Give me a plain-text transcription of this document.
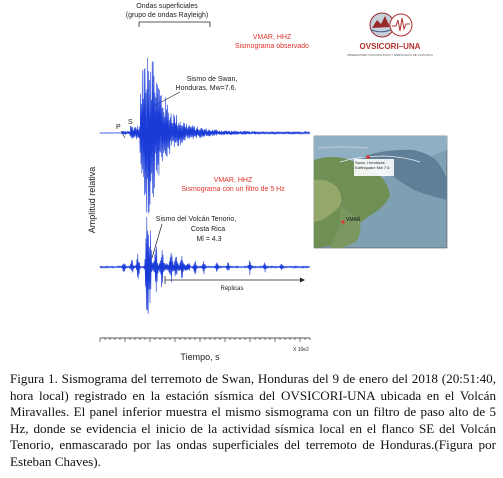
Amplitud relativa
Ondas superficiales
(grupo de ondas Rayleigh)
VMAR, HHZ
Sismograma observado
Sismo de Swan,
Honduras, Mw=7.6.
P
S
VMAR, HHZ
Sismograma con un filtro de 5 Hz
Sismo del Volcán Tenorio,
Costa Rica
Ml = 4.3
Réplicas
X 10e2
Tiempo, s
OVSICORI–UNA
OBSERVATORIO VULCANOLÓGICO Y SISMOLÓGICO DE COSTA RICA
Swan, Honduras Earthquake Mw 7.6
VMAR

Figura 1. Sismograma del terremoto de Swan, Honduras del 9 de enero del 2018 (20:51:40, hora local) registrado en la estación sísmica del OVSICORI-UNA ubicada en el Volcán Miravalles. El panel inferior muestra el mismo sismograma con un filtro de paso alto de 5 Hz, donde se evidencia el inicio de la actividad sísmica local en el flanco SE del Volcán Tenorio, enmascarado por las ondas superficiales del terremoto de Honduras.(Figura por Esteban Chaves).
